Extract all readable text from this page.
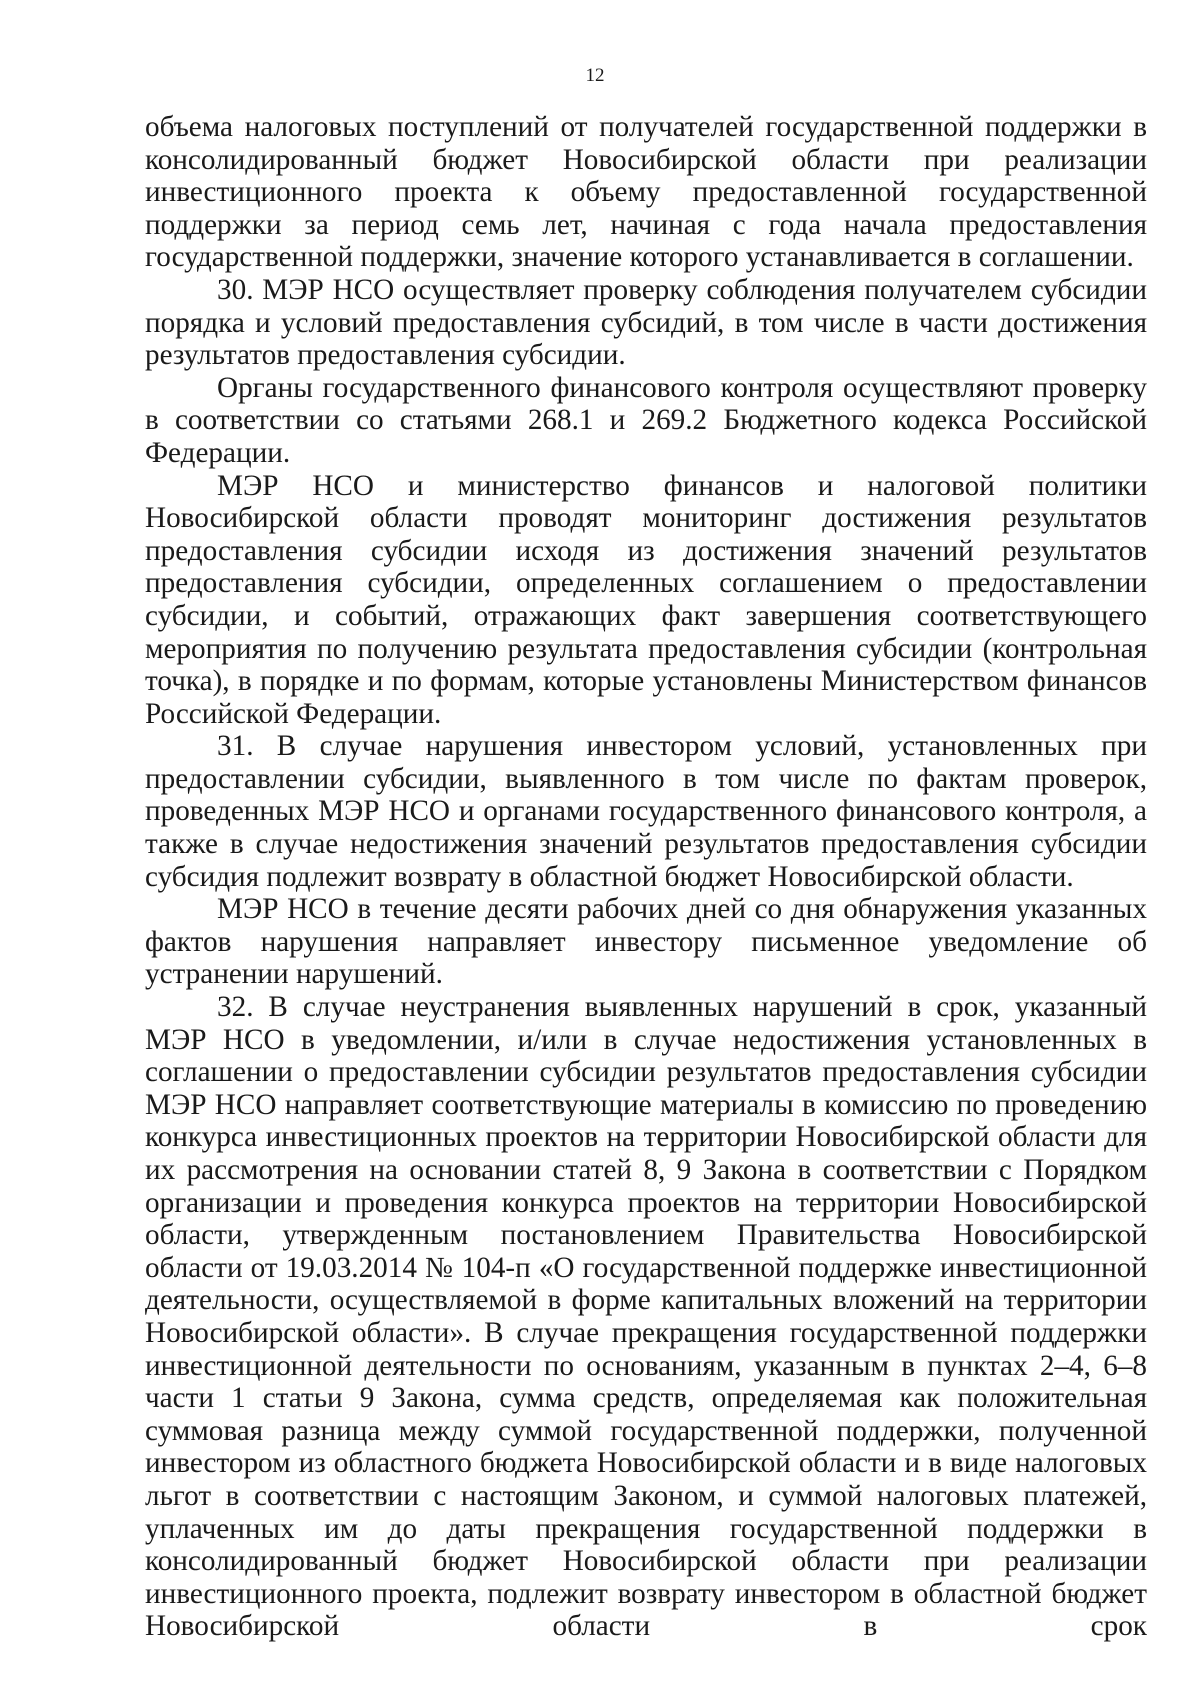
12

объема налоговых поступлений от получателей государственной поддержки в консолидированный бюджет Новосибирской области при реализации инвестиционного проекта к объему предоставленной государственной поддержки за период семь лет, начиная с года начала предоставления государственной поддержки, значение которого устанавливается в соглашении.

30. МЭР НСО осуществляет проверку соблюдения получателем субсидии порядка и условий предоставления субсидий, в том числе в части достижения результатов предоставления субсидии.

Органы государственного финансового контроля осуществляют проверку в соответствии со статьями 268.1 и 269.2 Бюджетного кодекса Российской Федерации.

МЭР НСО и министерство финансов и налоговой политики Новосибирской области проводят мониторинг достижения результатов предоставления субсидии исходя из достижения значений результатов предоставления субсидии, определенных соглашением о предоставлении субсидии, и событий, отражающих факт завершения соответствующего мероприятия по получению результата предоставления субсидии (контрольная точка), в порядке и по формам, которые установлены Министерством финансов Российской Федерации.

31. В случае нарушения инвестором условий, установленных при предоставлении субсидии, выявленного в том числе по фактам проверок, проведенных МЭР НСО и органами государственного финансового контроля, а также в случае недостижения значений результатов предоставления субсидии субсидия подлежит возврату в областной бюджет Новосибирской области.

МЭР НСО в течение десяти рабочих дней со дня обнаружения указанных фактов нарушения направляет инвестору письменное уведомление об устранении нарушений.

32. В случае неустранения выявленных нарушений в срок, указанный МЭР НСО в уведомлении, и/или в случае недостижения установленных в соглашении о предоставлении субсидии результатов предоставления субсидии МЭР НСО направляет соответствующие материалы в комиссию по проведению конкурса инвестиционных проектов на территории Новосибирской области для их рассмотрения на основании статей 8, 9 Закона в соответствии с Порядком организации и проведения конкурса проектов на территории Новосибирской области, утвержденным постановлением Правительства Новосибирской области от 19.03.2014 № 104-п «О государственной поддержке инвестиционной деятельности, осуществляемой в форме капитальных вложений на территории Новосибирской области». В случае прекращения государственной поддержки инвестиционной деятельности по основаниям, указанным в пунктах 2–4, 6–8 части 1 статьи 9 Закона, сумма средств, определяемая как положительная суммовая разница между суммой государственной поддержки, полученной инвестором из областного бюджета Новосибирской области и в виде налоговых льгот в соответствии с настоящим Законом, и суммой налоговых платежей, уплаченных им до даты прекращения государственной поддержки в консолидированный бюджет Новосибирской области при реализации инвестиционного проекта, подлежит возврату инвестором в областной бюджет Новосибирской области в срок
